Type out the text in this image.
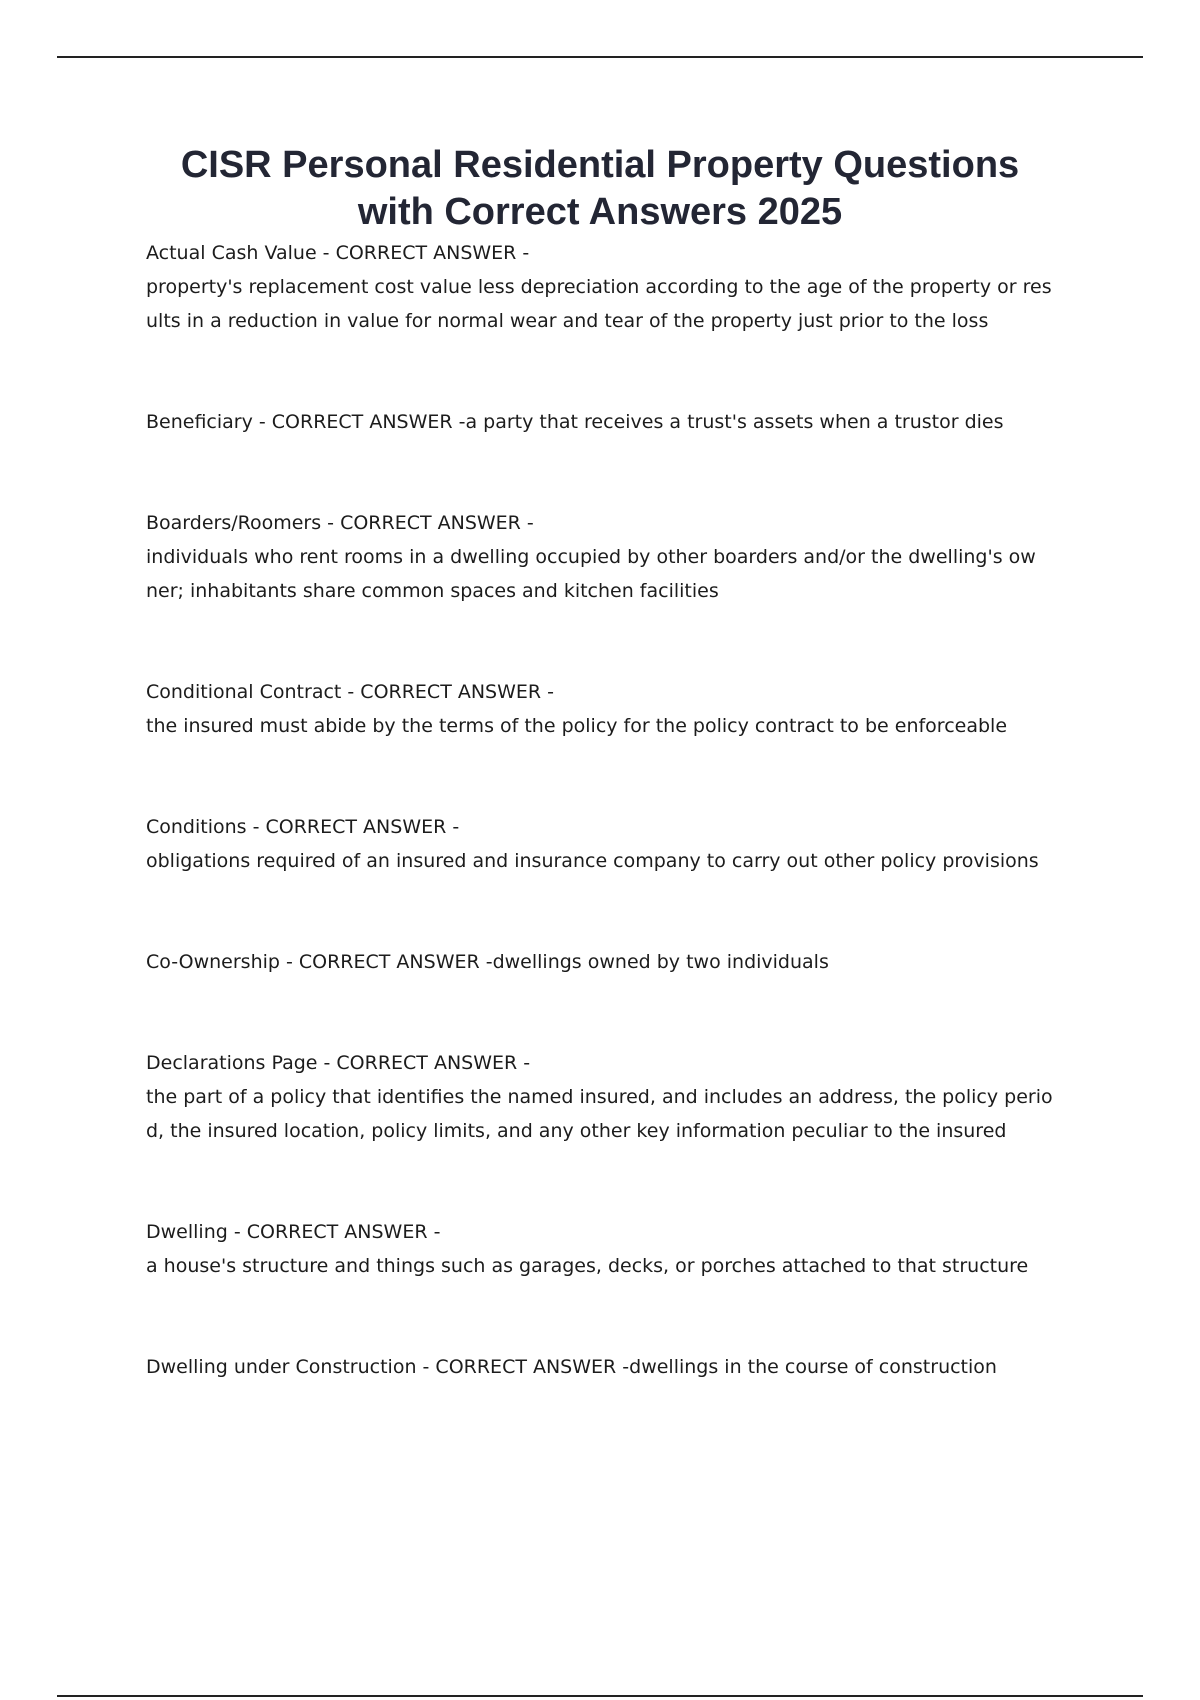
CISR Personal Residential Property Questions
with Correct Answers 2025

Actual Cash Value - CORRECT ANSWER -

property's replacement cost value less depreciation according to the age of the property or res

ults in a reduction in value for normal wear and tear of the property just prior to the loss

Beneficiary - CORRECT ANSWER -a party that receives a trust's assets when a trustor dies

Boarders/Roomers - CORRECT ANSWER -

individuals who rent rooms in a dwelling occupied by other boarders and/or the dwelling's ow

ner; inhabitants share common spaces and kitchen facilities

Conditional Contract - CORRECT ANSWER -

the insured must abide by the terms of the policy for the policy contract to be enforceable

Conditions - CORRECT ANSWER -

obligations required of an insured and insurance company to carry out other policy provisions

Co-Ownership - CORRECT ANSWER -dwellings owned by two individuals

Declarations Page - CORRECT ANSWER -

the part of a policy that identifies the named insured, and includes an address, the policy perio

d, the insured location, policy limits, and any other key information peculiar to the insured

Dwelling - CORRECT ANSWER -

a house's structure and things such as garages, decks, or porches attached to that structure

Dwelling under Construction - CORRECT ANSWER -dwellings in the course of construction
